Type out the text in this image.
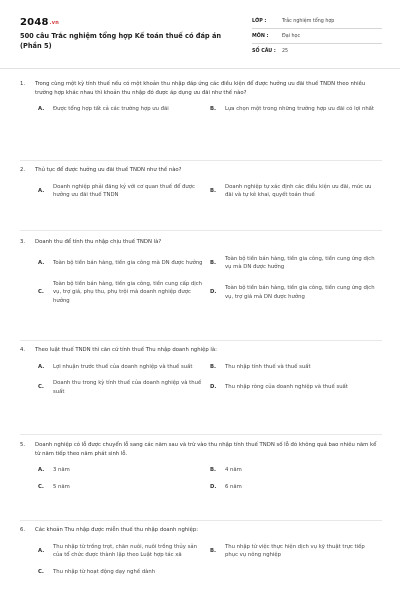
2048.vn
500 câu Trắc nghiệm tổng hợp Kế toán thuế có đáp án (Phần 5)
LỚP :	Trắc nghiệm tổng hợp
MÔN :	Đại học
SỐ CÂU :	25
1. Trong cùng một kỳ tính thuế nếu có một khoản thu nhập đáp ứng các điều kiện để được hưởng ưu đãi thuế TNDN theo nhiều trường hợp khác nhau thì khoản thu nhập đó được áp dụng ưu đãi như thế nào?
A.	Được tổng hợp tất cả các trường hợp ưu đãi	B.	Lựa chọn một trong những trường hợp ưu đãi có lợi nhất
2. Thủ tục để được hưởng ưu đãi thuế TNDN như thế nào?
A.
Doanh nghiệp phải đăng ký với cơ quan thuế để được hưởng ưu đãi thuế TNDN
B.
Doanh nghiệp tự xác định các điều kiện ưu đãi, mức ưu đãi và tự kê khai, quyết toán thuế
3. Doanh thu để tính thu nhập chịu thuế TNDN là?
A.	Toàn bộ tiền bán hàng, tiền gia công mà DN được hưởng	B.
Toàn bộ tiền bán hàng, tiền gia công, tiền cung ứng dịch vụ mà DN được hưởng
C.
Toàn bộ tiền bán hàng, tiền gia công, tiền cung cấp dịch vụ, trợ giá, phụ thu, phụ trội mà doanh nghiệp được hưởng
D.
Toàn bộ tiền bán hàng, tiền gia công, tiền cung ứng dịch vụ, trợ giá mà DN được hưởng
4. Theo luật thuế TNDN thì căn cứ tính thuế Thu nhập doanh nghiệp là:
A.	Lợi nhuận trước thuế của doanh nghiệp và thuế suất	B.	Thu nhập tính thuế và thuế suất
C.
Doanh thu trong kỳ tính thuế của doanh nghiệp và thuế suất
D.	Thu nhập ròng của doanh nghiệp và thuế suất
5. Doanh nghiệp có lỗ được chuyển lỗ sang các năm sau và trừ vào thu nhập tính thuế TNDN số lỗ đó không quá bao nhiêu năm kể từ năm tiếp theo năm phát sinh lỗ.
A.	3 năm	B.	4 năm
C.	5 năm	D.	6 năm
6. Các khoản Thu nhập được miễn thuế thu nhập doanh nghiệp:
A.
Thu nhập từ trồng trọt, chăn nuôi, nuôi trồng thủy sản của tổ chức được thành lập theo Luật hợp tác xã
B.
Thu nhập từ việc thực hiện dịch vụ kỹ thuật trực tiếp phục vụ nông nghiệp
C.	Thu nhập từ hoạt động dạy nghề dành
